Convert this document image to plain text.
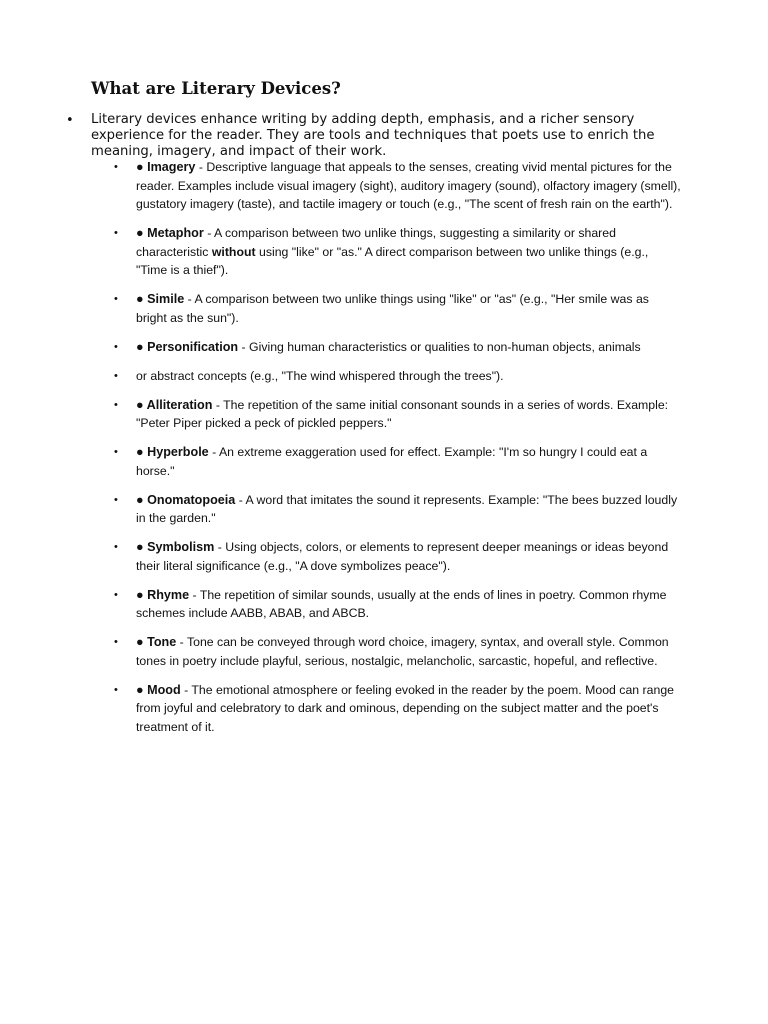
What are Literary Devices?
• Literary devices enhance writing by adding depth, emphasis, and a richer sensory experience for the reader. They are tools and techniques that poets use to enrich the meaning, imagery, and impact of their work.

• ● Imagery - Descriptive language that appeals to the senses, creating vivid mental pictures for the reader. Examples include visual imagery (sight), auditory imagery (sound), olfactory imagery (smell), gustatory imagery (taste), and tactile imagery or touch (e.g., "The scent of fresh rain on the earth").
• ● Metaphor - A comparison between two unlike things, suggesting a similarity or shared characteristic without using "like" or "as." A direct comparison between two unlike things (e.g., "Time is a thief").
• ● Simile - A comparison between two unlike things using "like" or "as" (e.g., "Her smile was as bright as the sun").
• ● Personification - Giving human characteristics or qualities to non-human objects, animals
• or abstract concepts (e.g., "The wind whispered through the trees").
• ● Alliteration - The repetition of the same initial consonant sounds in a series of words. Example: "Peter Piper picked a peck of pickled peppers."
• ● Hyperbole - An extreme exaggeration used for effect. Example: "I'm so hungry I could eat a horse."
• ● Onomatopoeia - A word that imitates the sound it represents. Example: "The bees buzzed loudly in the garden."
• ● Symbolism - Using objects, colors, or elements to represent deeper meanings or ideas beyond their literal significance (e.g., "A dove symbolizes peace").
• ● Rhyme - The repetition of similar sounds, usually at the ends of lines in poetry. Common rhyme schemes include AABB, ABAB, and ABCB.
• ● Tone - Tone can be conveyed through word choice, imagery, syntax, and overall style. Common tones in poetry include playful, serious, nostalgic, melancholic, sarcastic, hopeful, and reflective.
• ● Mood - The emotional atmosphere or feeling evoked in the reader by the poem. Mood can range from joyful and celebratory to dark and ominous, depending on the subject matter and the poet's treatment of it.
